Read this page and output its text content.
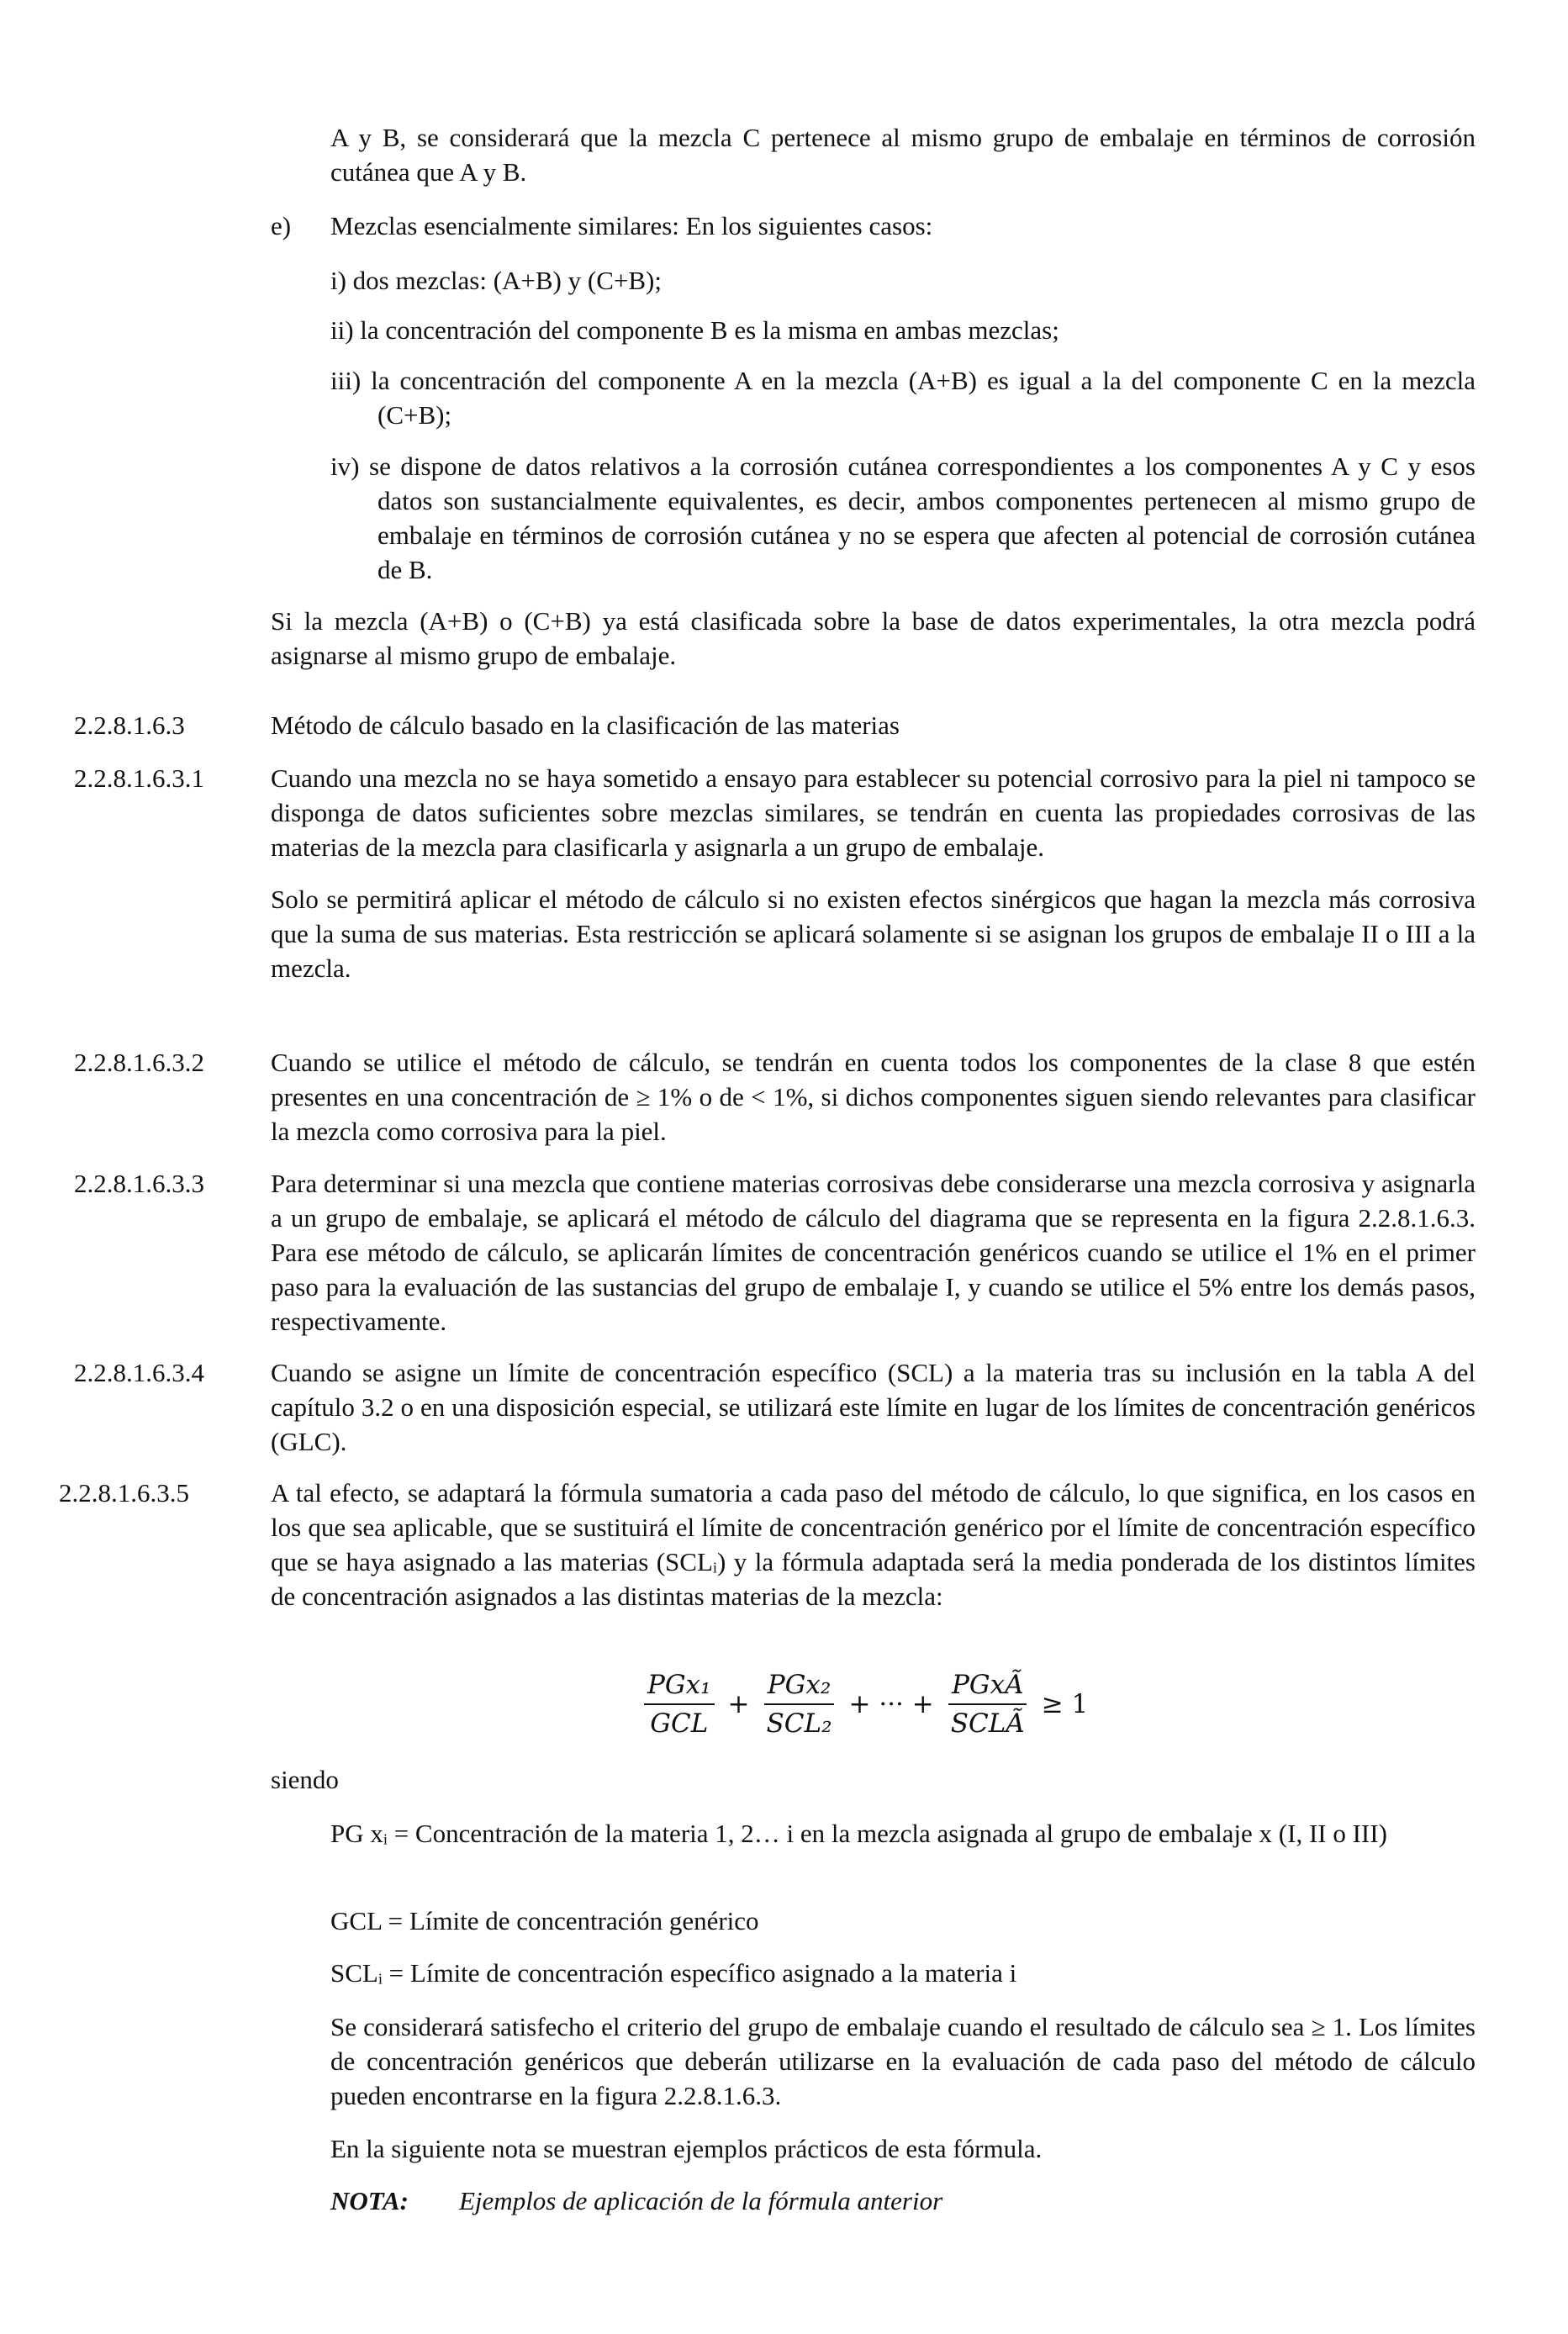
A y B, se considerará que la mezcla C pertenece al mismo grupo de embalaje en términos de corrosión cutánea que A y B.

e) Mezclas esencialmente similares: En los siguientes casos:

i) dos mezclas: (A+B) y (C+B);

ii) la concentración del componente B es la misma en ambas mezclas;

iii) la concentración del componente A en la mezcla (A+B) es igual a la del componente C en la mezcla (C+B);

iv) se dispone de datos relativos a la corrosión cutánea correspondientes a los componentes A y C y esos datos son sustancialmente equivalentes, es decir, ambos componentes pertenecen al mismo grupo de embalaje en términos de corrosión cutánea y no se espera que afecten al potencial de corrosión cutánea de B.

Si la mezcla (A+B) o (C+B) ya está clasificada sobre la base de datos experimentales, la otra mezcla podrá asignarse al mismo grupo de embalaje.

2.2.8.1.6.3	Método de cálculo basado en la clasificación de las materias

2.2.8.1.6.3.1	Cuando una mezcla no se haya sometido a ensayo para establecer su potencial corrosivo para la piel ni tampoco se disponga de datos suficientes sobre mezclas similares, se tendrán en cuenta las propiedades corrosivas de las materias de la mezcla para clasificarla y asignarla a un grupo de embalaje.

Solo se permitirá aplicar el método de cálculo si no existen efectos sinérgicos que hagan la mezcla más corrosiva que la suma de sus materias. Esta restricción se aplicará solamente si se asignan los grupos de embalaje II o III a la mezcla.

2.2.8.1.6.3.2	Cuando se utilice el método de cálculo, se tendrán en cuenta todos los componentes de la clase 8 que estén presentes en una concentración de ≥ 1% o de < 1%, si dichos componentes siguen siendo relevantes para clasificar la mezcla como corrosiva para la piel.

2.2.8.1.6.3.3	Para determinar si una mezcla que contiene materias corrosivas debe considerarse una mezcla corrosiva y asignarla a un grupo de embalaje, se aplicará el método de cálculo del diagrama que se representa en la figura 2.2.8.1.6.3. Para ese método de cálculo, se aplicarán límites de concentración genéricos cuando se utilice el 1% en el primer paso para la evaluación de las sustancias del grupo de embalaje I, y cuando se utilice el 5% entre los demás pasos, respectivamente.

2.2.8.1.6.3.4	Cuando se asigne un límite de concentración específico (SCL) a la materia tras su inclusión en la tabla A del capítulo 3.2 o en una disposición especial, se utilizará este límite en lugar de los límites de concentración genéricos (GLC).

2.2.8.1.6.3.5	A tal efecto, se adaptará la fórmula sumatoria a cada paso del método de cálculo, lo que significa, en los casos en los que sea aplicable, que se sustituirá el límite de concentración genérico por el límite de concentración específico que se haya asignado a las materias (SCLᵢ) y la fórmula adaptada será la media ponderada de los distintos límites de concentración asignados a las distintas materias de la mezcla:

$\frac{\text{PGx₁}}{\text{GCL}} + \frac{\text{PGx₂}}{\text{SCL₂}}$ + ··· + $\frac{\text{PGxÃ}}{\text{SCLÃ}} \ge 1$

siendo

PG xᵢ = Concentración de la materia 1, 2… i en la mezcla asignada al grupo de embalaje x (I, II o III)

GCL = Límite de concentración genérico

SCLᵢ = Límite de concentración específico asignado a la materia i

Se considerará satisfecho el criterio del grupo de embalaje cuando el resultado de cálculo sea ≥ 1. Los límites de concentración genéricos que deberán utilizarse en la evaluación de cada paso del método de cálculo pueden encontrarse en la figura 2.2.8.1.6.3.

En la siguiente nota se muestran ejemplos prácticos de esta fórmula.

NOTA: Ejemplos de aplicación de la fórmula anterior
